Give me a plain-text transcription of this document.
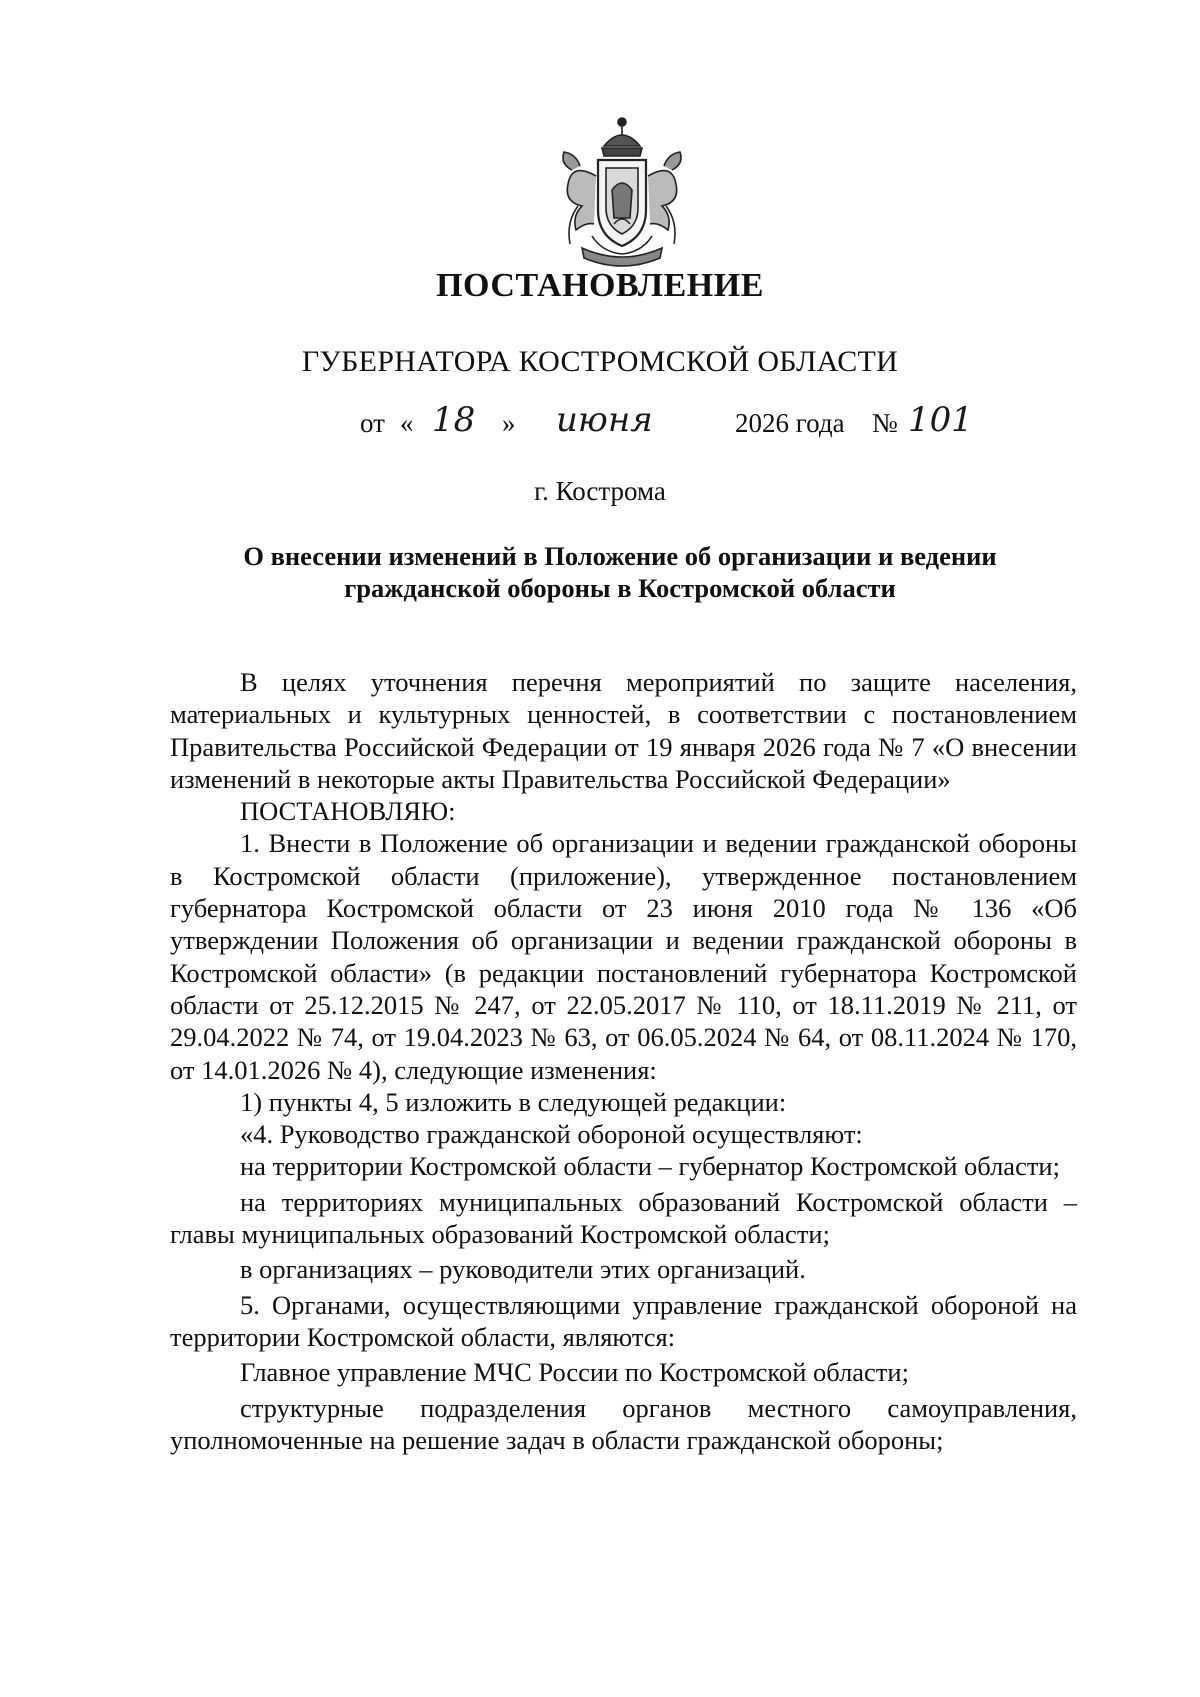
ПОСТАНОВЛЕНИЕ
ГУБЕРНАТОРА КОСТРОМСКОЙ ОБЛАСТИ
от « 18 » июня	2026 года № 101
г. Кострома
О внесении изменений в Положение об организации и ведении
гражданской обороны в Костромской области

В целях уточнения перечня мероприятий по защите населения, материальных и культурных ценностей, в соответствии с постановлением Правительства Российской Федерации от 19 января 2026 года № 7 «О внесении изменений в некоторые акты Правительства Российской Федерации»

ПОСТАНОВЛЯЮ:

1. Внести в Положение об организации и ведении гражданской обороны в Костромской области (приложение), утвержденное постановлением губернатора Костромской области от 23 июня 2010 года № 136 «Об утверждении Положения об организации и ведении гражданской обороны в Костромской области» (в редакции постановлений губернатора Костромской области от 25.12.2015 № 247, от 22.05.2017 № 110, от 18.11.2019 № 211, от 29.04.2022 № 74, от 19.04.2023 № 63, от 06.05.2024 № 64, от 08.11.2024 № 170, от 14.01.2026 № 4), следующие изменения:

1) пункты 4, 5 изложить в следующей редакции:

«4. Руководство гражданской обороной осуществляют:

на территории Костромской области – губернатор Костромской области;

на территориях муниципальных образований Костромской области – главы муниципальных образований Костромской области;

в организациях – руководители этих организаций.

5. Органами, осуществляющими управление гражданской обороной на территории Костромской области, являются:

Главное управление МЧС России по Костромской области;

структурные подразделения органов местного самоуправления, уполномоченные на решение задач в области гражданской обороны;
